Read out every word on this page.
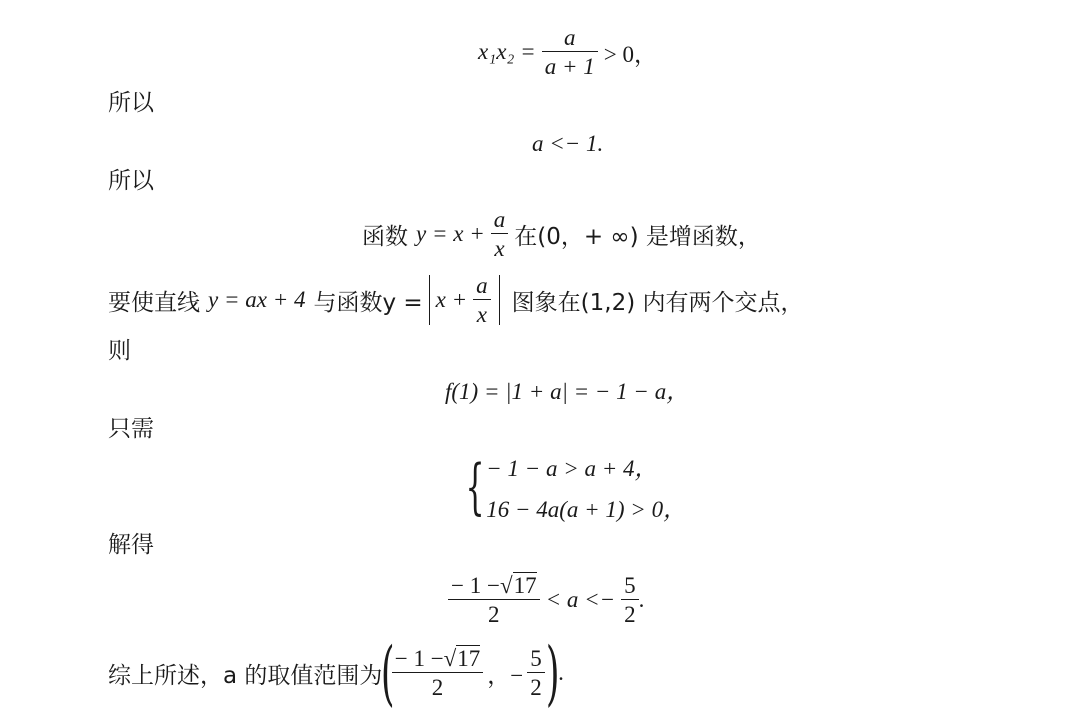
$x_1x_2 = \frac{a}{a + 1} > 0$，
所以
a <− 1.
所以
函数 $y = x + \frac{a}{x}$ 在(0，+ ∞) 是增函数，
要使直线 y = ax + 4 与函数$y = x + \frac{a}{x}$ 图象在(1,2) 内有两个交点，
则
f(1) = |1 + a| = − 1 − a，
只需
{ − 1 − a > a + 4，
16 − 4a(a + 1) > 0，
解得
$\frac{- 1 -√17}{2} < a <- \frac{5}{2}$ .
综上所述，a 的取值范围为
(
$\frac{- 1 -√17}{2}$ ，− $\frac{5}{2}$ )
.
